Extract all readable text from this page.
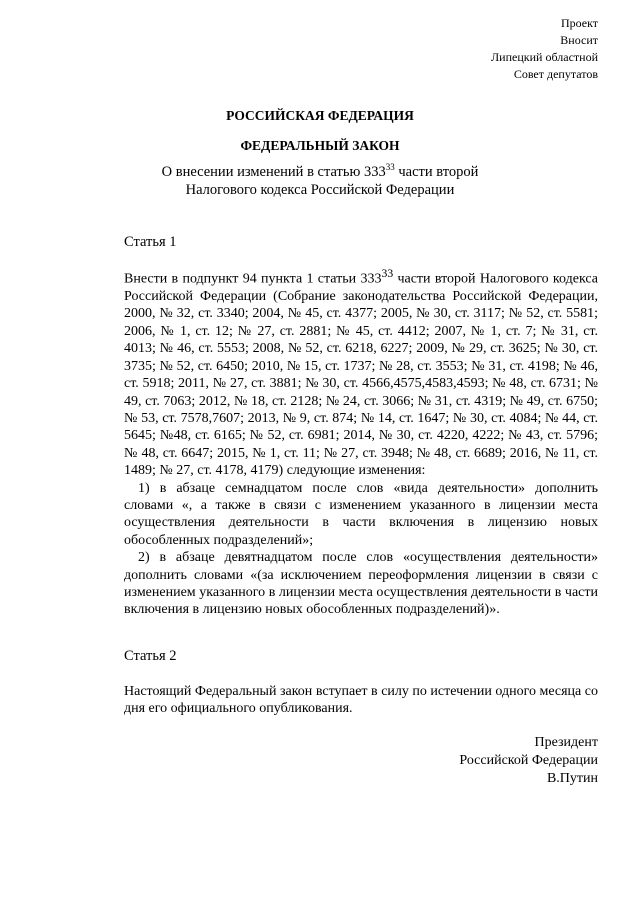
Проект
Вносит
Липецкий областной
Совет депутатов
РОССИЙСКАЯ ФЕДЕРАЦИЯ
ФЕДЕРАЛЬНЫЙ ЗАКОН
О внесении изменений в статью $333^{33}$ части второй
Налогового кодекса Российской Федерации
Статья 1

Внести в подпункт 94 пункта 1 статьи $333^{33}$ части второй Налогового кодекса Российской Федерации (Собрание законодательства Российской Федерации, 2000, № 32, ст. 3340; 2004, № 45, ст. 4377; 2005, № 30, ст. 3117; № 52, ст. 5581; 2006, № 1, ст. 12; № 27, ст. 2881; № 45, ст. 4412; 2007, № 1, ст. 7; № 31, ст. 4013; № 46, ст. 5553; 2008, № 52, ст. 6218, 6227; 2009, № 29, ст. 3625; № 30, ст. 3735; № 52, ст. 6450; 2010, № 15, ст. 1737; № 28, ст. 3553; № 31, ст. 4198; № 46, ст. 5918; 2011, № 27, ст. 3881; № 30, ст. 4566,4575,4583,4593; № 48, ст. 6731; № 49, ст. 7063; 2012, № 18, ст. 2128; № 24, ст. 3066; № 31, ст. 4319; № 49, ст. 6750; № 53, ст. 7578,7607; 2013, № 9, ст. 874; № 14, ст. 1647; № 30, ст. 4084; № 44, ст. 5645; №48, ст. 6165; № 52, ст. 6981; 2014, № 30, ст. 4220, 4222; № 43, ст. 5796; № 48, ст. 6647; 2015, № 1, ст. 11; № 27, ст. 3948; № 48, ст. 6689; 2016, № 11, ст. 1489; № 27, ст. 4178, 4179) следующие изменения:

1) в абзаце семнадцатом после слов «вида деятельности» дополнить словами «, а также в связи с изменением указанного в лицензии места осуществления деятельности в части включения в лицензию новых обособленных подразделений»;

2) в абзаце девятнадцатом после слов «осуществления деятельности» дополнить словами «(за исключением переоформления лицензии в связи с изменением указанного в лицензии места осуществления деятельности в части включения в лицензию новых обособленных подразделений)».

Статья 2

Настоящий Федеральный закон вступает в силу по истечении одного месяца со дня его официального опубликования.

Президент
Российской Федерации
В.Путин
